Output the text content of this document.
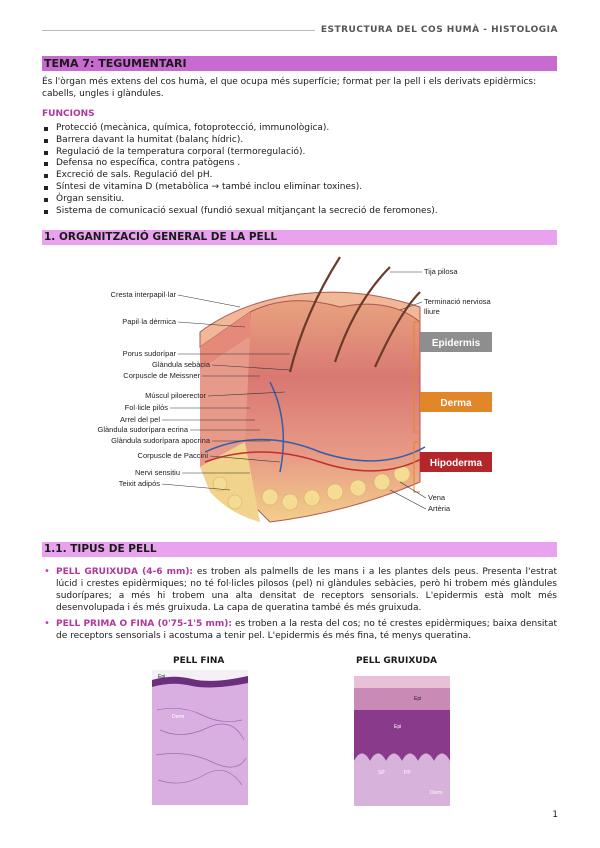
ESTRUCTURA DEL COS HUMÀ - HISTOLOGIA
TEMA 7: TEGUMENTARI
És l'òrgan més extens del cos humà, el que ocupa més superfície; format per la pell i els derivats epidèrmics: cabells, ungles i glàndules.
FUNCIONS
Protecció (mecànica, química, fotoprotecció, immunològica).
Barrera davant la humitat (balanç hídric).
Regulació de la temperatura corporal (termoregulació).
Defensa no específica, contra patògens .
Excreció de sals. Regulació del pH.
Síntesi de vitamina D (metabòlica → també inclou eliminar toxines).
Òrgan sensitiu.
Sistema de comunicació sexual (fundió sexual mitjançant la secreció de feromones).
1. ORGANITZACIÓ GENERAL DE LA PELL
Epidermis
Derma
Hipoderma
Cresta interpapil·lar
Papil·la dèrmica
Porus sudorípar
Glàndula sebàcia
Corpuscle de Meissner
Múscul piloerector
Fol·licle pilós
Arrel del pel
Glàndula sudorípara ecrina
Glàndula sudorípara apocrina
Corpuscle de Paccini
Nervi sensitiu
Teixit adipós
Tija pilosa
Terminació nerviosa
lliure
Vena
Artèria
1.1. TIPUS DE PELL
• PELL GRUIXUDA (4-6 mm): es troben als palmells de les mans i a les plantes dels peus. Presenta l'estrat lúcid i crestes epidèrmiques; no té fol·licles pilosos (pel) ni glàndules sebàcies, però hi trobem més glàndules sudorípares; a més hi trobem una alta densitat de receptors sensorials. L'epidermis està molt més desenvolupada i és més gruixuda. La capa de queratina també és més gruixuda.
• PELL PRIMA O FINA (0'75-1'5 mm): es troben a la resta del cos; no té crestes epidèrmiques; baixa densitat de receptors sensorials i acostuma a tenir pel. L'epidermis és més fina, té menys queratina.
PELL FINA	PELL GRUIXUDA
Epi
Derm
Epi
Epi
SP	PP
Derm
1
